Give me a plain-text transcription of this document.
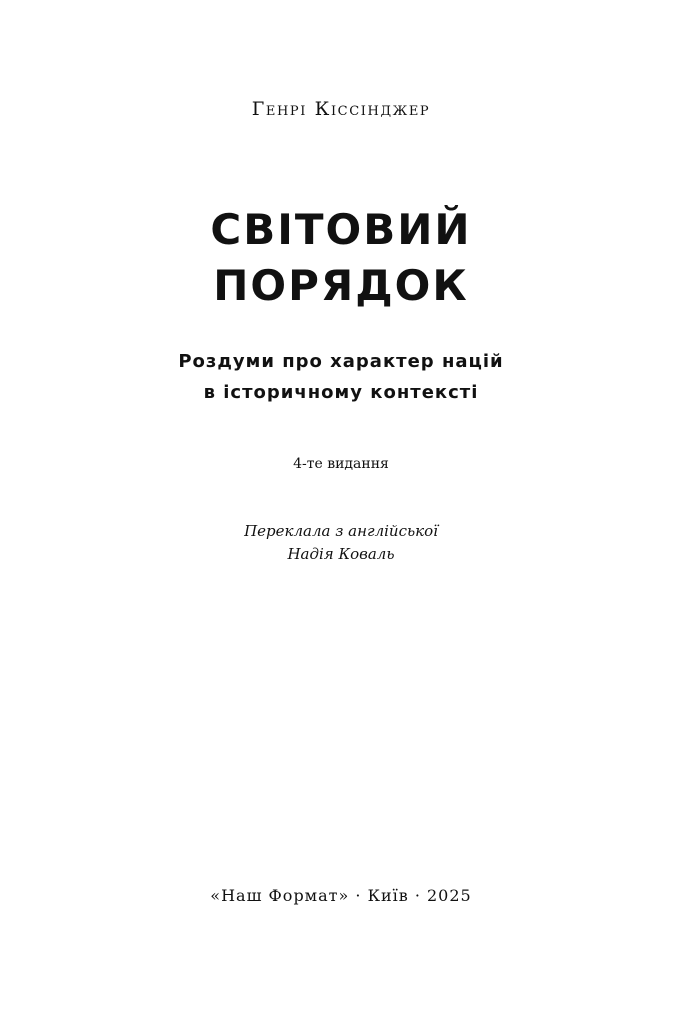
Генрі Кіссінджер
СВІТОВИЙ
ПОРЯДОК
Роздуми про характер націй
в історичному контексті
4-те видання
Переклала з англійської
Надія Коваль
«Наш Формат» · Київ · 2025
